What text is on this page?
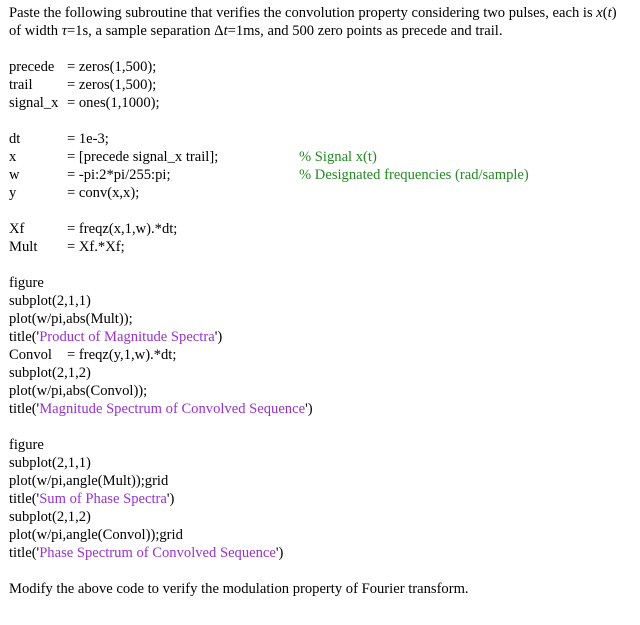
Paste the following subroutine that verifies the convolution property considering two pulses, each is x(t) of width τ=1s, a sample separation Δt=1ms, and 500 zero points as precede and trail.
precede = zeros(1,500);
trail = zeros(1,500);
signal_x = ones(1,1000);
dt	= 1e-3;
x	= [precede signal_x trail];	% Signal x(t)
w	= -pi:2*pi/255:pi;	% Designated frequencies (rad/sample)
y	= conv(x,x);
Xf	= freqz(x,1,w).*dt;
Mult = Xf.*Xf;
figure
subplot(2,1,1)
plot(w/pi,abs(Mult));
title('Product of Magnitude Spectra')
Convol = freqz(y,1,w).*dt;
subplot(2,1,2)
plot(w/pi,abs(Convol));
title('Magnitude Spectrum of Convolved Sequence')
figure
subplot(2,1,1)
plot(w/pi,angle(Mult));grid
title('Sum of Phase Spectra')
subplot(2,1,2)
plot(w/pi,angle(Convol));grid
title('Phase Spectrum of Convolved Sequence')
Modify the above code to verify the modulation property of Fourier transform.
